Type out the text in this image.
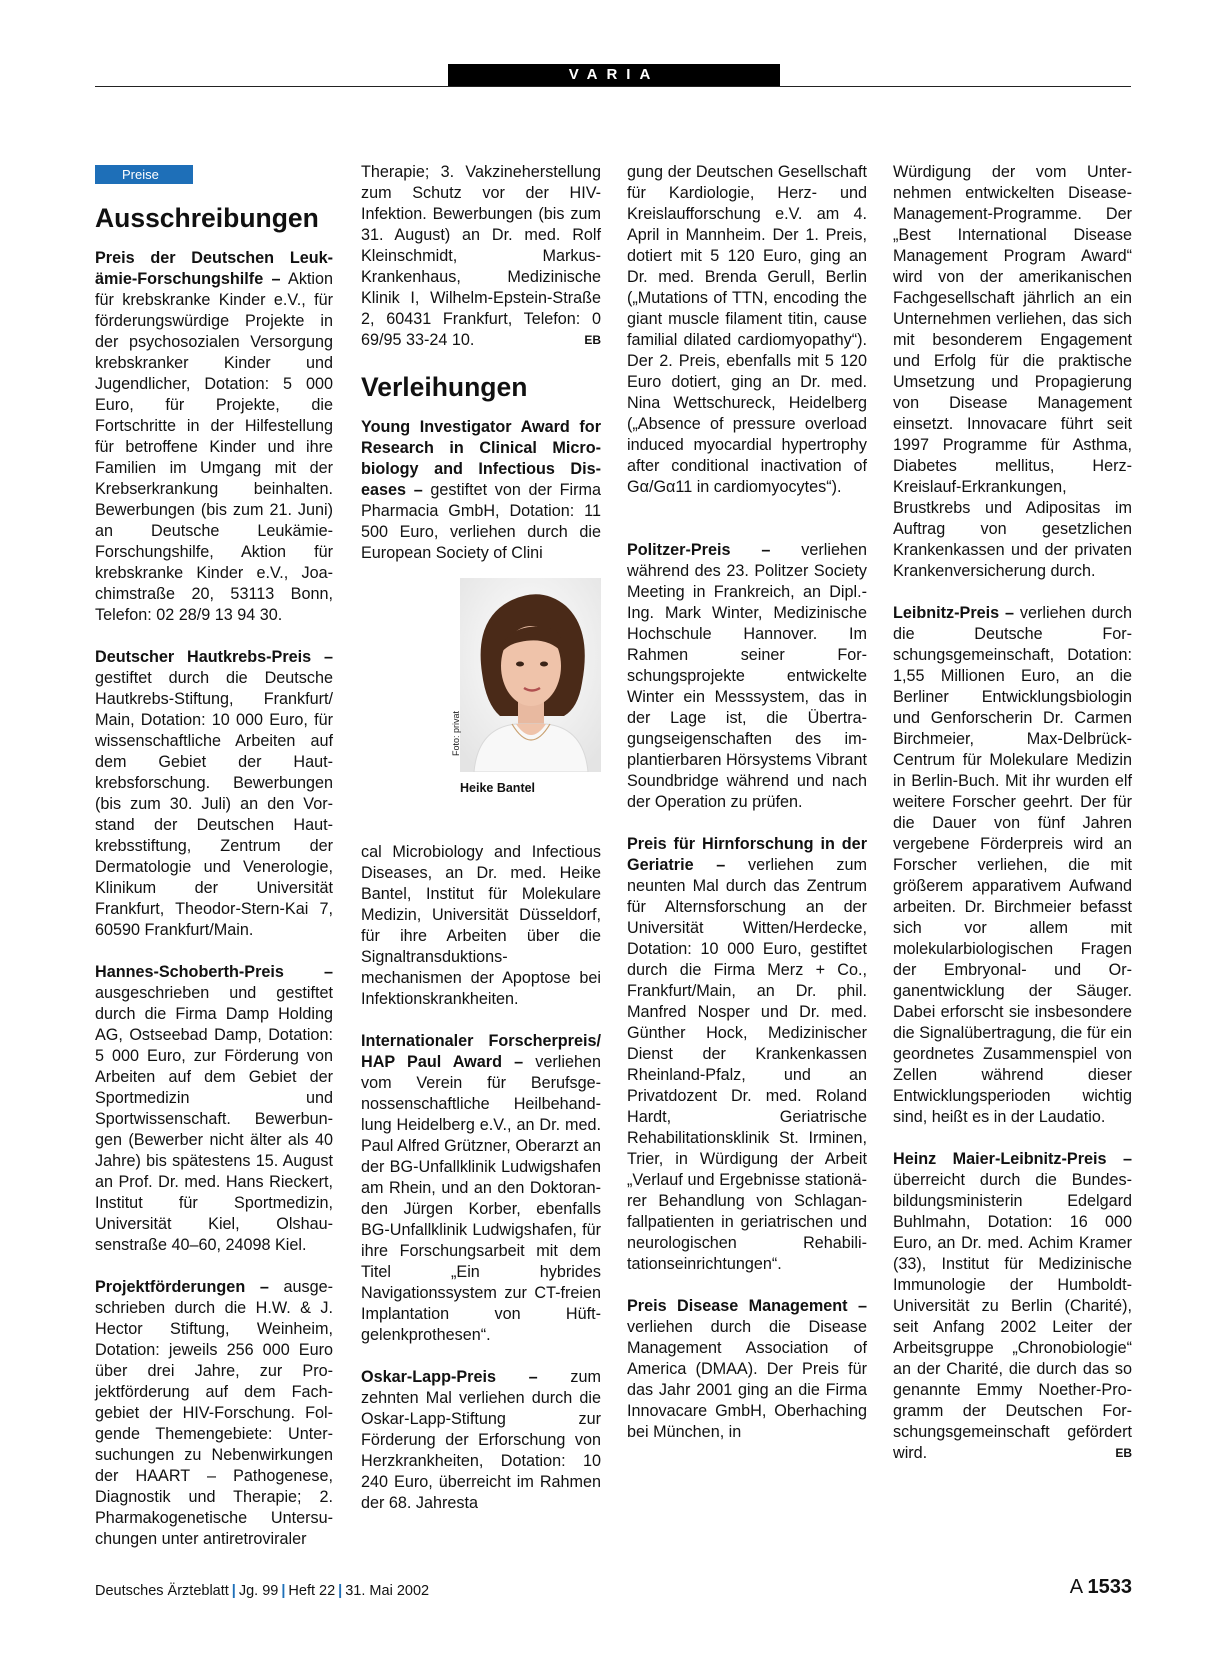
VARIA
Preise
Ausschreibungen

Preis der Deutschen Leukämie-Forschungshilfe – Aktion für krebskranke Kinder e.V., für förderungswürdige Projekte in der psychosozialen Versorgung krebskranker Kinder und Jugendlicher, Dotation: 5 000 Euro, für Projekte, die Fortschritte in der Hilfestellung für betroffene Kinder und ihre Familien im Umgang mit der Krebserkrankung beinhalten. Bewerbungen (bis zum 21. Juni) an Deutsche Leukämie-Forschungshilfe, Aktion für krebskranke Kinder e.V., Joachimstraße 20, 53113 Bonn, Telefon: 02 28/9 13 94 30.

Deutscher Hautkrebs-Preis – gestiftet durch die Deutsche Hautkrebs-Stiftung, Frankfurt/ Main, Dotation: 10 000 Euro, für wissenschaftliche Arbeiten auf dem Gebiet der Hautkrebsforschung. Bewerbungen (bis zum 30. Juli) an den Vorstand der Deutschen Hautkrebsstiftung, Zentrum der Dermatologie und Venerologie, Klinikum der Universität Frankfurt, Theodor-Stern-Kai 7, 60590 Frankfurt/Main.

Hannes-Schoberth-Preis – ausgeschrieben und gestiftet durch die Firma Damp Holding AG, Ostseebad Damp, Dotation: 5 000 Euro, zur Förderung von Arbeiten auf dem Gebiet der Sportmedizin und Sportwissenschaft. Bewerbungen (Bewerber nicht älter als 40 Jahre) bis spätestens 15. August an Prof. Dr. med. Hans Rieckert, Institut für Sportmedizin, Universität Kiel, Olshausenstraße 40–60, 24098 Kiel.

Projektförderungen – ausgeschrieben durch die H.W. & J. Hector Stiftung, Weinheim, Dotation: jeweils 256 000 Euro über drei Jahre, zur Projektförderung auf dem Fachgebiet der HIV-Forschung. Folgende Themengebiete: Untersuchungen zu Nebenwirkungen der HAART – Pathogenese, Diagnostik und Therapie; 2. Pharmakogenetische Untersuchungen unter antiretroviraler

Therapie; 3. Vakzineherstellung zum Schutz vor der HIV-Infektion. Bewerbungen (bis zum 31. August) an Dr. med. Rolf Kleinschmidt, Markus-Krankenhaus, Medizinische Klinik I, Wilhelm-Epstein-Straße 2, 60431 Frankfurt, Telefon: 0 69/95 33-24 10.	EB

Verleihungen

Young Investigator Award for Research in Clinical Microbiology and Infectious Diseases – gestiftet von der Firma Pharmacia GmbH, Dotation: 11 500 Euro, verliehen durch die European Society of Clini

Foto: privat
Heike Bantel

cal Microbiology and Infectious Diseases, an Dr. med. Heike Bantel, Institut für Molekulare Medizin, Universität Düsseldorf, für ihre Arbeiten über die Signaltransduktionsmechanismen der Apoptose bei Infektionskrankheiten.

Internationaler Forscherpreis/ HAP Paul Award – verliehen vom Verein für Berufsgenossenschaftliche Heilbehandlung Heidelberg e.V., an Dr. med. Paul Alfred Grützner, Oberarzt an der BG-Unfallklinik Ludwigshafen am Rhein, und an den Doktoranden Jürgen Korber, ebenfalls BG-Unfallklinik Ludwigshafen, für ihre Forschungsarbeit mit dem Titel „Ein hybrides Navigationssystem zur CT-freien Implantation von Hüftgelenkprothesen“.

Oskar-Lapp-Preis – zum zehnten Mal verliehen durch die Oskar-Lapp-Stiftung zur Förderung der Erforschung von Herzkrankheiten, Dotation: 10 240 Euro, überreicht im Rahmen der 68. Jahresta

gung der Deutschen Gesellschaft für Kardiologie, Herz- und Kreislaufforschung e.V. am 4. April in Mannheim. Der 1. Preis, dotiert mit 5 120 Euro, ging an Dr. med. Brenda Gerull, Berlin („Mutations of TTN, encoding the giant muscle filament titin, cause familial dilated cardiomyopathy“). Der 2. Preis, ebenfalls mit 5 120 Euro dotiert, ging an Dr. med. Nina Wettschureck, Heidelberg („Absence of pressure overload induced myocardial hypertrophy after conditional inactivation of Gα/Gα11 in cardiomyocytes“).

Politzer-Preis – verliehen während des 23. Politzer Society Meeting in Frankreich, an Dipl.-Ing. Mark Winter, Medizinische Hochschule Hannover. Im Rahmen seiner Forschungsprojekte entwickelte Winter ein Messsystem, das in der Lage ist, die Übertragungseigenschaften des implantierbaren Hörsystems Vibrant Soundbridge während und nach der Operation zu prüfen.

Preis für Hirnforschung in der Geriatrie – verliehen zum neunten Mal durch das Zentrum für Alternsforschung an der Universität Witten/Herdecke, Dotation: 10 000 Euro, gestiftet durch die Firma Merz + Co., Frankfurt/Main, an Dr. phil. Manfred Nosper und Dr. med. Günther Hock, Medizinischer Dienst der Krankenkassen Rheinland-Pfalz, und an Privatdozent Dr. med. Roland Hardt, Geriatrische Rehabilitationsklinik St. Irminen, Trier, in Würdigung der Arbeit „Verlauf und Ergebnisse stationärer Behandlung von Schlaganfallpatienten in geriatrischen und neurologischen Rehabilitationseinrichtungen“.

Preis Disease Management – verliehen durch die Disease Management Association of America (DMAA). Der Preis für das Jahr 2001 ging an die Firma Innovacare GmbH, Oberhaching bei München, in

Würdigung der vom Unternehmen entwickelten Disease-Management-Programme. Der „Best International Disease Management Program Award“ wird von der amerikanischen Fachgesellschaft jährlich an ein Unternehmen verliehen, das sich mit besonderem Engagement und Erfolg für die praktische Umsetzung und Propagierung von Disease Management einsetzt. Innovacare führt seit 1997 Programme für Asthma, Diabetes mellitus, Herz-Kreislauf-Erkrankungen, Brustkrebs und Adipositas im Auftrag von gesetzlichen Krankenkassen und der privaten Krankenversicherung durch.

Leibnitz-Preis – verliehen durch die Deutsche Forschungsgemeinschaft, Dotation: 1,55 Millionen Euro, an die Berliner Entwicklungsbiologin und Genforscherin Dr. Carmen Birchmeier, Max-Delbrück-Centrum für Molekulare Medizin in Berlin-Buch. Mit ihr wurden elf weitere Forscher geehrt. Der für die Dauer von fünf Jahren vergebene Förderpreis wird an Forscher verliehen, die mit größerem apparativem Aufwand arbeiten. Dr. Birchmeier befasst sich vor allem mit molekularbiologischen Fragen der Embryonal- und Organentwicklung der Säuger. Dabei erforscht sie insbesondere die Signalübertragung, die für ein geordnetes Zusammenspiel von Zellen während dieser Entwicklungsperioden wichtig sind, heißt es in der Laudatio.

Heinz Maier-Leibnitz-Preis – überreicht durch die Bundesbildungsministerin Edelgard Buhlmahn, Dotation: 16 000 Euro, an Dr. med. Achim Kramer (33), Institut für Medizinische Immunologie der Humboldt-Universität zu Berlin (Charité), seit Anfang 2002 Leiter der Arbeitsgruppe „Chronobiologie“ an der Charité, die durch das so genannte Emmy Noether-Programm der Deutschen Forschungsgemeinschaft gefördert wird.	EB

Deutsches Ärzteblatt | Jg. 99 | Heft 22 | 31. Mai 2002	A 1533
